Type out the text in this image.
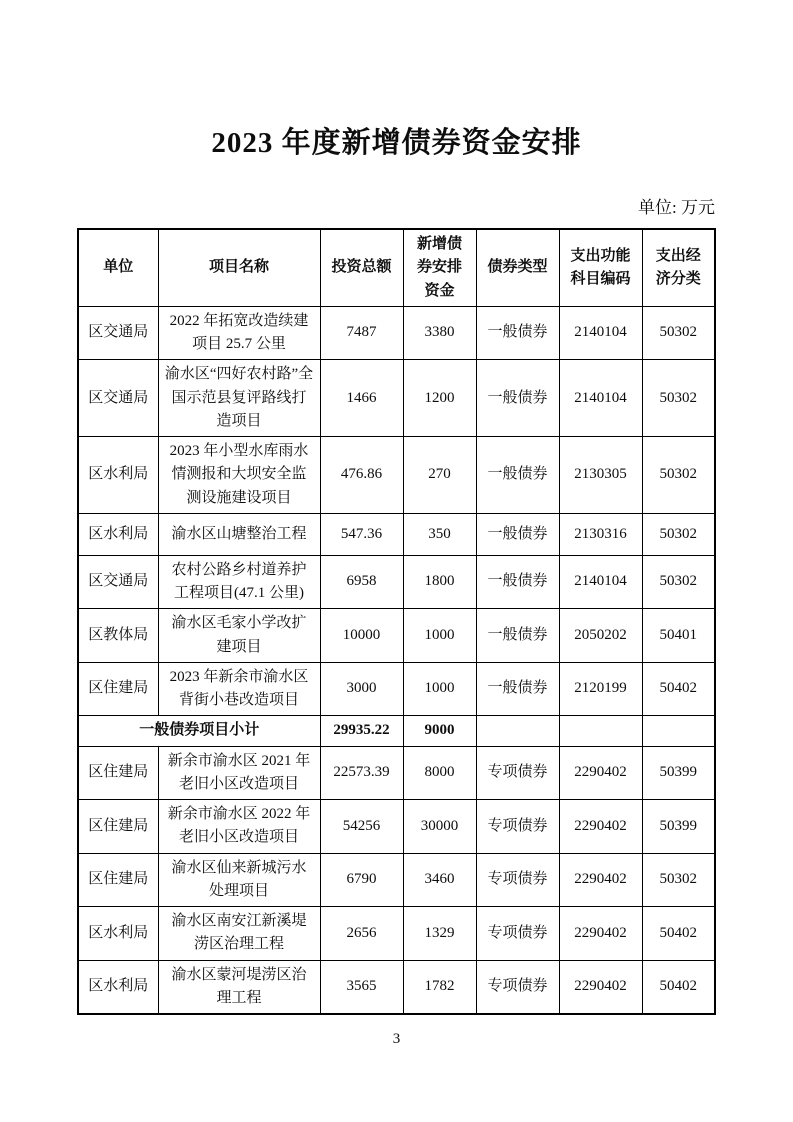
2023 年度新增债券资金安排
单位: 万元
单位	项目名称	投资总额	新增债券安排资金	债券类型	支出功能科目编码	支出经济分类
区交通局	2022 年拓宽改造续建项目 25.7 公里	7487	3380	一般债券	2140104	50302
区交通局	渝水区“四好农村路”全国示范县复评路线打造项目	1466	1200	一般债券	2140104	50302
区水利局	2023 年小型水库雨水情测报和大坝安全监测设施建设项目	476.86	270	一般债券	2130305	50302
区水利局	渝水区山塘整治工程	547.36	350	一般债券	2130316	50302
区交通局	农村公路乡村道养护工程项目(47.1 公里)	6958	1800	一般债券	2140104	50302
区教体局	渝水区毛家小学改扩建项目	10000	1000	一般债券	2050202	50401
区住建局	2023 年新余市渝水区背街小巷改造项目	3000	1000	一般债券	2120199	50402
一般债券项目小计		29935.22	9000			
区住建局	新余市渝水区 2021 年老旧小区改造项目	22573.39	8000	专项债券	2290402	50399
区住建局	新余市渝水区 2022 年老旧小区改造项目	54256	30000	专项债券	2290402	50399
区住建局	渝水区仙来新城污水处理项目	6790	3460	专项债券	2290402	50302
区水利局	渝水区南安江新溪堤涝区治理工程	2656	1329	专项债券	2290402	50402
区水利局	渝水区蒙河堤涝区治理工程	3565	1782	专项债券	2290402	50402
3
